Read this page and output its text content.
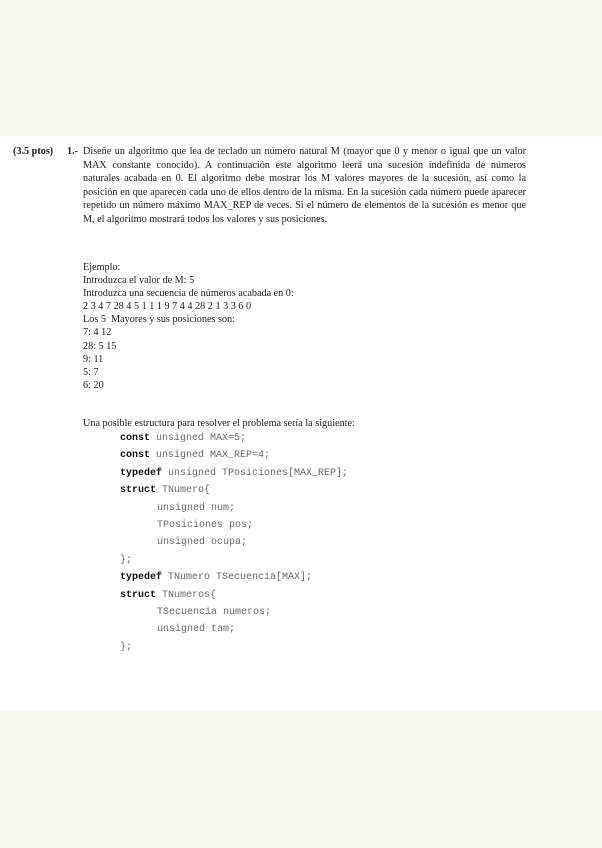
(3.5 ptos)	1.- Diseñe un algoritmo que lea de teclado un número natural M (mayor que 0 y menor o igual que un valor MAX constante conocido). A continuación este algoritmo leerá una sucesión indefinida de números naturales acabada en 0. El algoritmo debe mostrar los M valores mayores de la sucesión, así como la posición en que aparecen cada uno de ellos dentro de la misma. En la sucesión cada número puede aparecer repetido un número máximo MAX_REP de veces. Si el número de elementos de la sucesión es menor que M, el algoritmo mostrará todos los valores y sus posiciones.
Ejemplo:
Introduzca el valor de M: 5
Introduzca una secuencia de números acabada en 0:
2 3 4 7 28 4 5 1 1 1 9 7 4 4 28 2 1 3 3 6 0
Los 5  Mayores y sus posiciones son:
7: 4 12
28: 5 15
9: 11
5: 7
6: 20
Una posible estructura para resolver el problema sería la siguiente:
const unsigned MAX=5;
const unsigned MAX_REP=4;
typedef unsigned TPosiciones[MAX_REP];
struct TNumero{
unsigned num;
TPosiciones pos;
unsigned ocupa;
};
typedef TNumero TSecuencia[MAX];
struct TNumeros{
TSecuencia numeros;
unsigned tam;
};
